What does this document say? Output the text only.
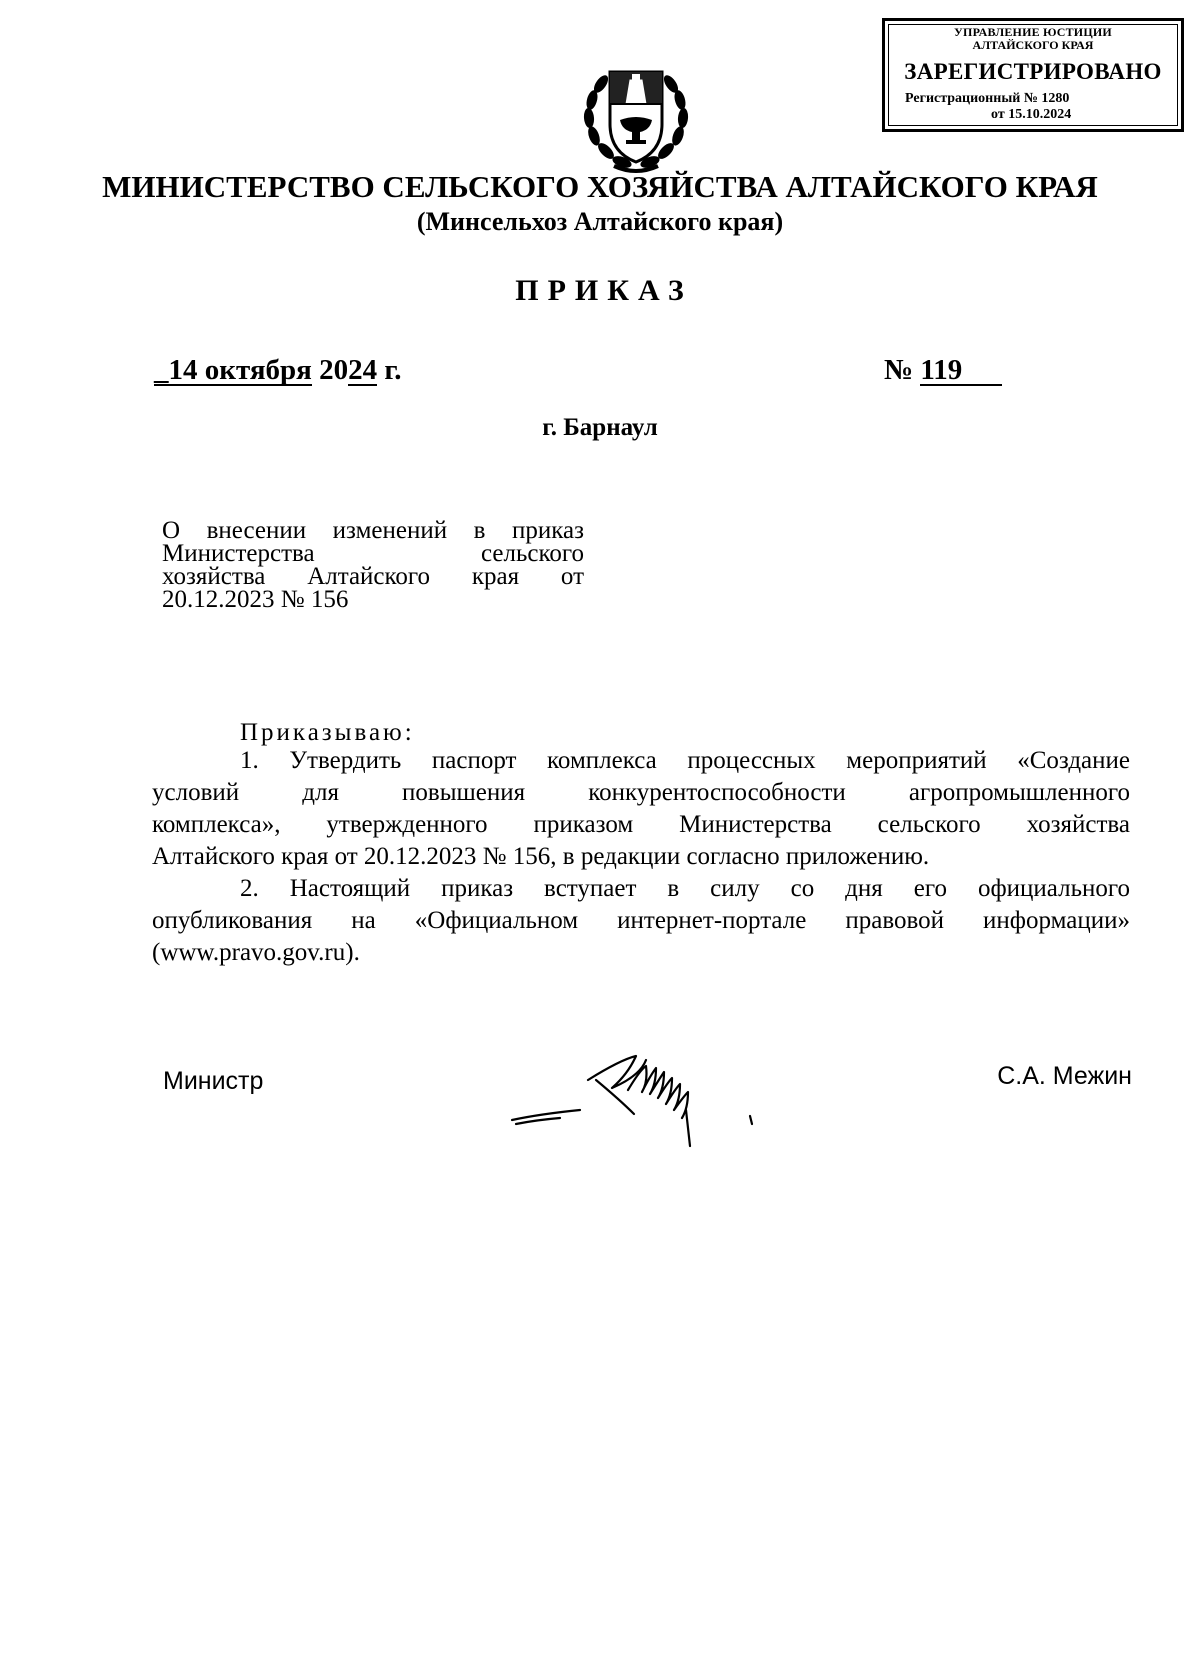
УПРАВЛЕНИЕ ЮСТИЦИИ
АЛТАЙСКОГО КРАЯ
ЗАРЕГИСТРИРОВАНО
Регистрационный № 1280
от 15.10.2024
МИНИСТЕРСТВО СЕЛЬСКОГО ХОЗЯЙСТВА АЛТАЙСКОГО КРАЯ
(Минсельхоз Алтайского края)
ПРИКАЗ
_14 октября 2024 г.	№ 119
г. Барнаул
О внесении изменений в приказ
Министерства сельского
хозяйства Алтайского края от
20.12.2023 № 156
Приказываю:
1. Утвердить паспорт комплекса процессных мероприятий «Создание
условий для повышения конкурентоспособности агропромышленного
комплекса», утвержденного приказом Министерства сельского хозяйства
Алтайского края от 20.12.2023 № 156, в редакции согласно приложению.
2. Настоящий приказ вступает в силу со дня его официального
опубликования на «Официальном интернет-портале правовой информации»
(www.pravo.gov.ru).
Министр	С.А. Межин
